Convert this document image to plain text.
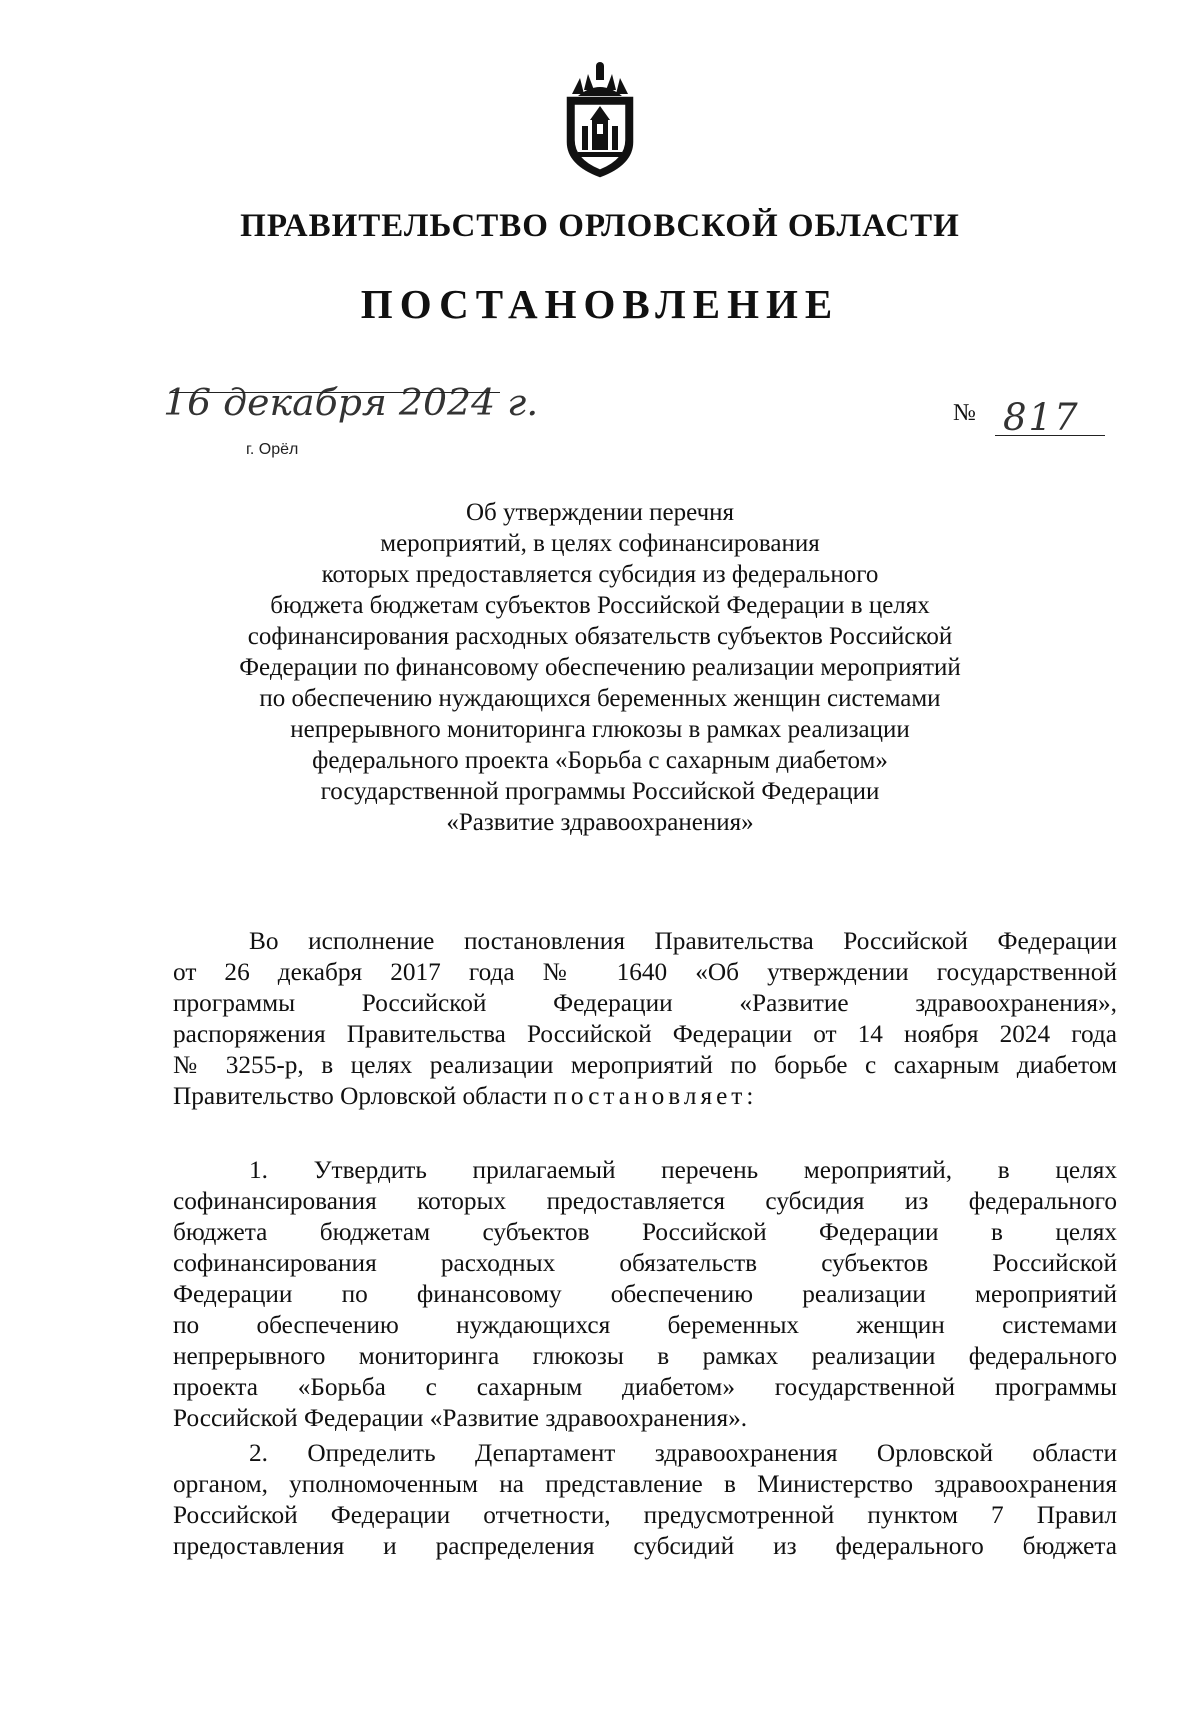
ПРАВИТЕЛЬСТВО ОРЛОВСКОЙ ОБЛАСТИ
ПОСТАНОВЛЕНИЕ
16 декабря 2024 г.
г. Орёл
№ 817
Об утверждении перечня
мероприятий, в целях софинансирования
которых предоставляется субсидия из федерального
бюджета бюджетам субъектов Российской Федерации в целях
софинансирования расходных обязательств субъектов Российской
Федерации по финансовому обеспечению реализации мероприятий
по обеспечению нуждающихся беременных женщин системами
непрерывного мониторинга глюкозы в рамках реализации
федерального проекта «Борьба с сахарным диабетом»
государственной программы Российской Федерации
«Развитие здравоохранения»
Во исполнение постановления Правительства Российской Федерации
от 26 декабря 2017 года № 1640 «Об утверждении государственной
программы Российской Федерации «Развитие здравоохранения»,
распоряжения Правительства Российской Федерации от 14 ноября 2024 года
№ 3255-р, в целях реализации мероприятий по борьбе с сахарным диабетом
Правительство Орловской области постановляет:
1. Утвердить прилагаемый перечень мероприятий, в целях
софинансирования которых предоставляется субсидия из федерального
бюджета бюджетам субъектов Российской Федерации в целях
софинансирования расходных обязательств субъектов Российской
Федерации по финансовому обеспечению реализации мероприятий
по обеспечению нуждающихся беременных женщин системами
непрерывного мониторинга глюкозы в рамках реализации федерального
проекта «Борьба с сахарным диабетом» государственной программы
Российской Федерации «Развитие здравоохранения».
2. Определить Департамент здравоохранения Орловской области
органом, уполномоченным на представление в Министерство здравоохранения
Российской Федерации отчетности, предусмотренной пунктом 7 Правил
предоставления и распределения субсидий из федерального бюджета
